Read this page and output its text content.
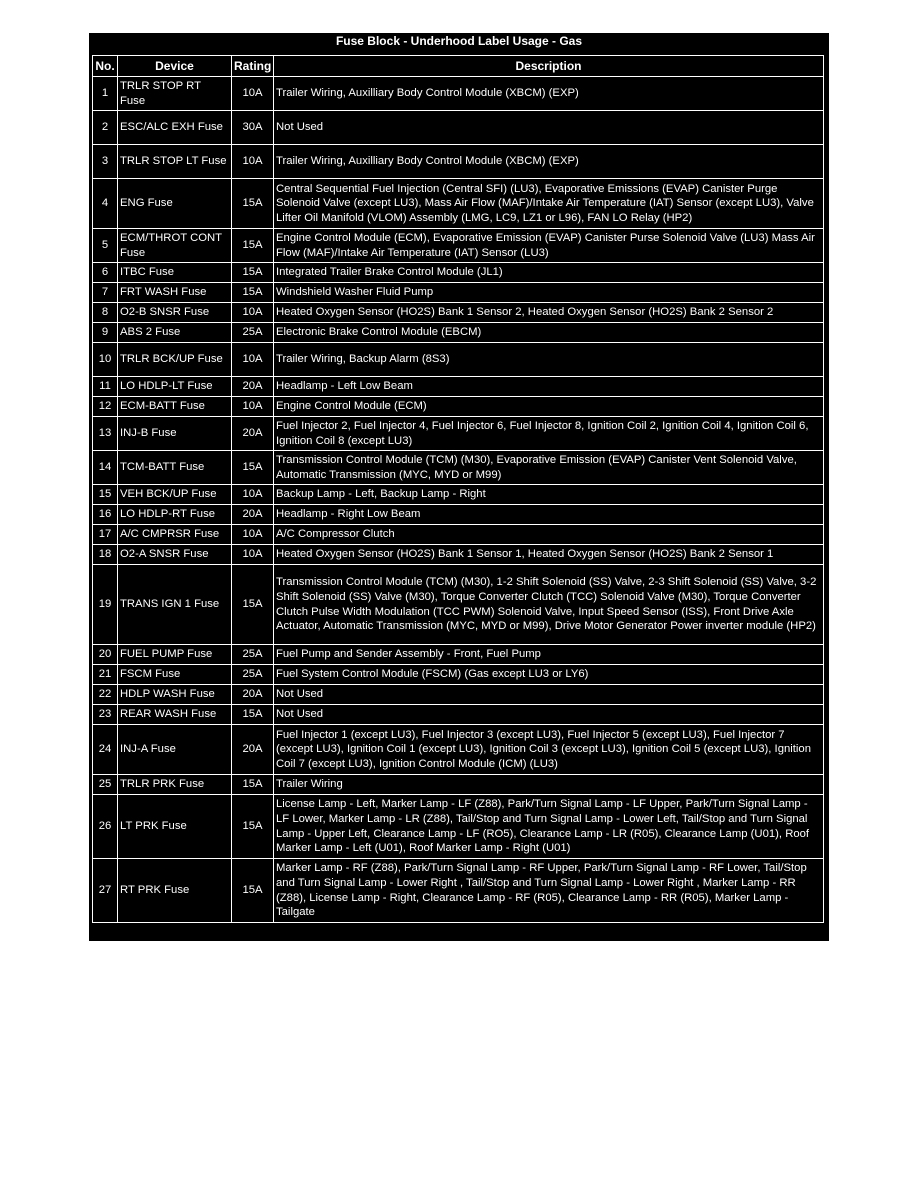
Fuse Block - Underhood Label Usage - Gas
No.	Device	Rating	Description
1	TRLR STOP RT Fuse	10A	Trailer Wiring, Auxilliary Body Control Module (XBCM) (EXP)
2	ESC/ALC EXH Fuse	30A	Not Used
3	TRLR STOP LT Fuse	10A	Trailer Wiring, Auxilliary Body Control Module (XBCM) (EXP)
4	ENG Fuse	15A	Central Sequential Fuel Injection (Central SFI) (LU3), Evaporative Emissions (EVAP) Canister Purge Solenoid Valve (except LU3), Mass Air Flow (MAF)/Intake Air Temperature (IAT) Sensor (except LU3), Valve Lifter Oil Manifold (VLOM) Assembly (LMG, LC9, LZ1 or L96), FAN LO Relay (HP2)
5	ECM/THROT CONT Fuse	15A	Engine Control Module (ECM), Evaporative Emission (EVAP) Canister Purse Solenoid Valve (LU3) Mass Air Flow (MAF)/Intake Air Temperature (IAT) Sensor (LU3)
6	ITBC Fuse	15A	Integrated Trailer Brake Control Module (JL1)
7	FRT WASH Fuse	15A	Windshield Washer Fluid Pump
8	O2-B SNSR Fuse	10A	Heated Oxygen Sensor (HO2S) Bank 1 Sensor 2, Heated Oxygen Sensor (HO2S) Bank 2 Sensor 2
9	ABS 2 Fuse	25A	Electronic Brake Control Module (EBCM)
10	TRLR BCK/UP Fuse	10A	Trailer Wiring, Backup Alarm (8S3)
11	LO HDLP-LT Fuse	20A	Headlamp - Left Low Beam
12	ECM-BATT Fuse	10A	Engine Control Module (ECM)
13	INJ-B Fuse	20A	Fuel Injector 2, Fuel Injector 4, Fuel Injector 6, Fuel Injector 8, Ignition Coil 2, Ignition Coil 4, Ignition Coil 6, Ignition Coil 8 (except LU3)
14	TCM-BATT Fuse	15A	Transmission Control Module (TCM) (M30), Evaporative Emission (EVAP) Canister Vent Solenoid Valve, Automatic Transmission (MYC, MYD or M99)
15	VEH BCK/UP Fuse	10A	Backup Lamp - Left, Backup Lamp - Right
16	LO HDLP-RT Fuse	20A	Headlamp - Right Low Beam
17	A/C CMPRSR Fuse	10A	A/C Compressor Clutch
18	O2-A SNSR Fuse	10A	Heated Oxygen Sensor (HO2S) Bank 1 Sensor 1, Heated Oxygen Sensor (HO2S) Bank 2 Sensor 1
19	TRANS IGN 1 Fuse	15A	Transmission Control Module (TCM) (M30), 1-2 Shift Solenoid (SS) Valve, 2-3 Shift Solenoid (SS) Valve, 3-2 Shift Solenoid (SS) Valve (M30), Torque Converter Clutch (TCC) Solenoid Valve (M30), Torque Converter Clutch Pulse Width Modulation (TCC PWM) Solenoid Valve, Input Speed Sensor (ISS), Front Drive Axle Actuator, Automatic Transmission (MYC, MYD or M99), Drive Motor Generator Power inverter module (HP2)
20	FUEL PUMP Fuse	25A	Fuel Pump and Sender Assembly - Front, Fuel Pump
21	FSCM Fuse	25A	Fuel System Control Module (FSCM) (Gas except LU3 or LY6)
22	HDLP WASH Fuse	20A	Not Used
23	REAR WASH Fuse	15A	Not Used
24	INJ-A Fuse	20A	Fuel Injector 1 (except LU3), Fuel Injector 3 (except LU3), Fuel Injector 5 (except LU3), Fuel Injector 7 (except LU3), Ignition Coil 1 (except LU3), Ignition Coil 3 (except LU3), Ignition Coil 5 (except LU3), Ignition Coil 7 (except LU3), Ignition Control Module (ICM) (LU3)
25	TRLR PRK Fuse	15A	Trailer Wiring
26	LT PRK Fuse	15A	License Lamp - Left, Marker Lamp - LF (Z88), Park/Turn Signal Lamp - LF Upper, Park/Turn Signal Lamp - LF Lower, Marker Lamp - LR (Z88), Tail/Stop and Turn Signal Lamp - Lower Left, Tail/Stop and Turn Signal Lamp - Upper Left, Clearance Lamp - LF (RO5), Clearance Lamp - LR (R05), Clearance Lamp (U01), Roof Marker Lamp - Left (U01), Roof Marker Lamp - Right (U01)
27	RT PRK Fuse	15A	Marker Lamp - RF (Z88), Park/Turn Signal Lamp - RF Upper, Park/Turn Signal Lamp - RF Lower, Tail/Stop and Turn Signal Lamp - Lower Right , Tail/Stop and Turn Signal Lamp - Lower Right , Marker Lamp - RR (Z88), License Lamp - Right, Clearance Lamp - RF (R05), Clearance Lamp - RR (R05), Marker Lamp - Tailgate
